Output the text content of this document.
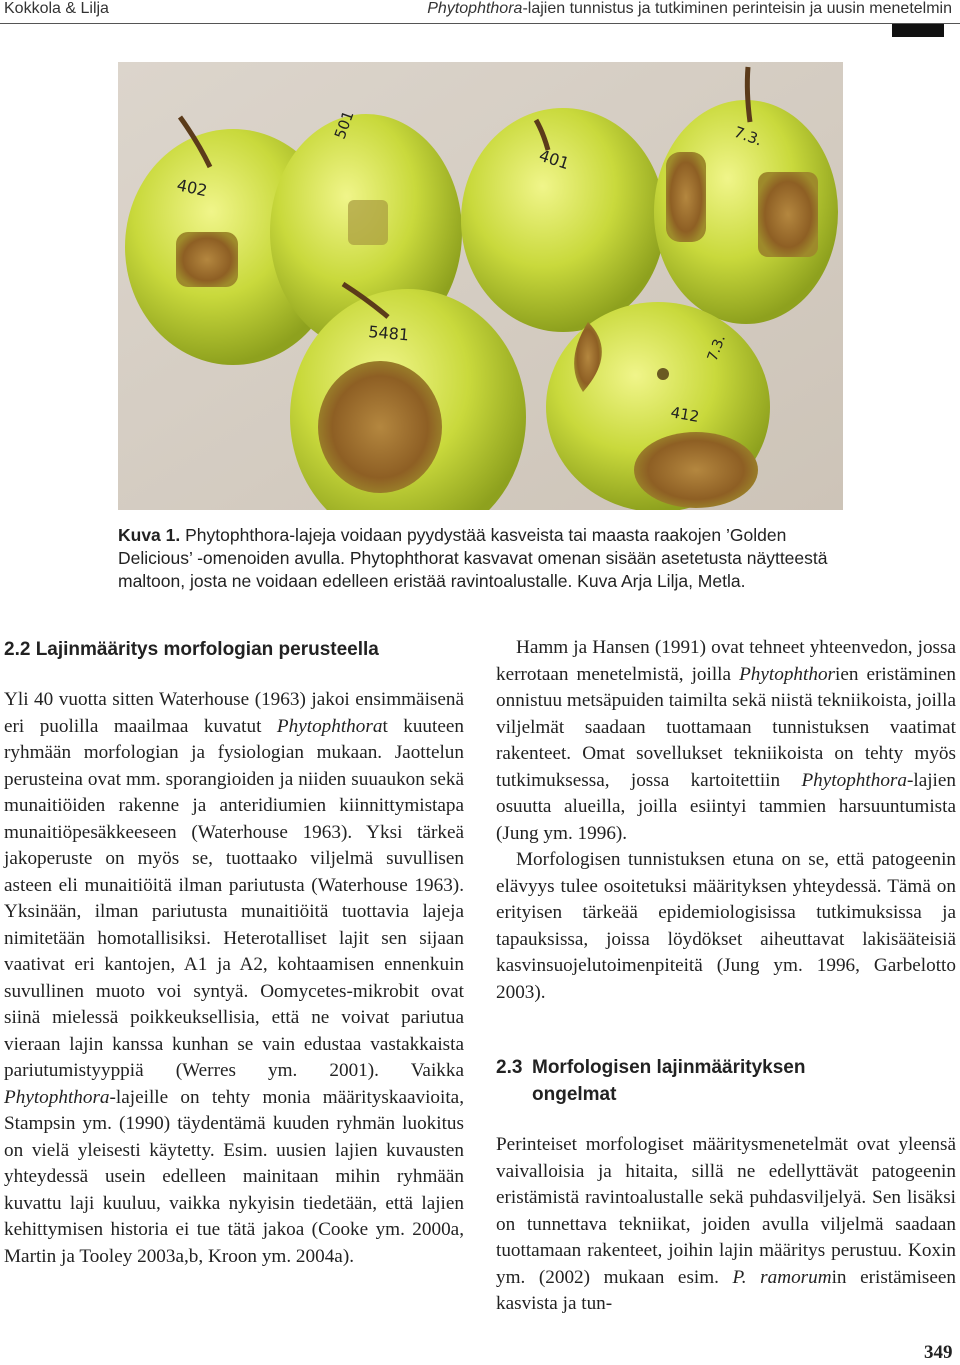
Kokkola & Lilja	Phytophthora-lajien tunnistus ja tutkiminen perinteisin ja uusin menetelmin
402
501
401
7.3.
5481
412
7.3.
Kuva 1. Phytophthora-lajeja voidaan pyydystää kasveista tai maasta raakojen ’Golden Delicious’ -omenoiden avulla. Phytophthorat kasvavat omenan sisään asetetusta näytteestä maltoon, josta ne voidaan edelleen eristää ravintoalustalle. Kuva Arja Lilja, Metla.
2.2 Lajinmääritys morfologian perusteella

Yli 40 vuotta sitten Waterhouse (1963) jakoi ensimmäisenä eri puolilla maailmaa kuvatut Phytophthorat kuuteen ryhmään morfologian ja fysiologian mukaan. Jaottelun perusteina ovat mm. sporangioiden ja niiden suuaukon sekä munaitiöiden rakenne ja anteridiumien kiinnittymistapa munaitiöpesäkkeeseen (Waterhouse 1963). Yksi tärkeä jakoperuste on myös se, tuottaako viljelmä suvullisen asteen eli munaitiöitä ilman pariutusta (Waterhouse 1963). Yksinään, ilman pariutusta munaitiöitä tuottavia lajeja nimitetään homotallisiksi. Heterotalliset lajit sen sijaan vaativat eri kantojen, A1 ja A2, kohtaamisen ennenkuin suvullinen muoto voi syntyä. Oomycetes-mikrobit ovat siinä mielessä poikkeuksellisia, että ne voivat pariutua vieraan lajin kanssa kunhan se vain edustaa vastakkaista pariutumistyyppiä (Werres ym. 2001). Vaikka Phytophthora-lajeille on tehty monia määrityskaavioita, Stampsin ym. (1990) täydentämä kuuden ryhmän luokitus on vielä yleisesti käytetty. Esim. uusien lajien kuvausten yhteydessä usein edelleen mainitaan mihin ryhmään kuvattu laji kuuluu, vaikka nykyisin tiedetään, että lajien kehittymisen historia ei tue tätä jakoa (Cooke ym. 2000a, Martin ja Tooley 2003a,b, Kroon ym. 2004a).

Hamm ja Hansen (1991) ovat tehneet yhteenvedon, jossa kerrotaan menetelmistä, joilla Phytophthorien eristäminen onnistuu metsäpuiden taimilta sekä niistä tekniikoista, joilla viljelmät saadaan tuottamaan tunnistuksen vaatimat rakenteet. Omat sovellukset tekniikoista on tehty myös tutkimuksessa, jossa kartoitettiin Phytophthora-lajien osuutta alueilla, joilla esiintyi tammien harsuuntumista (Jung ym. 1996).

Morfologisen tunnistuksen etuna on se, että patogeenin elävyys tulee osoitetuksi määrityksen yhteydessä. Tämä on erityisen tärkeää epidemiologisissa tutkimuksissa ja tapauksissa, joissa löydökset aiheuttavat lakisääteisiä kasvinsuojelutoimenpiteitä (Jung ym. 1996, Garbelotto 2003).

2.3 Morfologisen lajinmäärityksen
ongelmat

Perinteiset morfologiset määritysmenetelmät ovat yleensä vaivalloisia ja hitaita, sillä ne edellyttävät patogeenin eristämistä ravintoalustalle sekä puhdasviljelyä. Sen lisäksi on tunnettava tekniikat, joiden avulla viljelmä saadaan tuottamaan rakenteet, joihin lajin määritys perustuu. Koxin ym. (2002) mukaan esim. P. ramorumin eristämiseen kasvista ja tun-

349
